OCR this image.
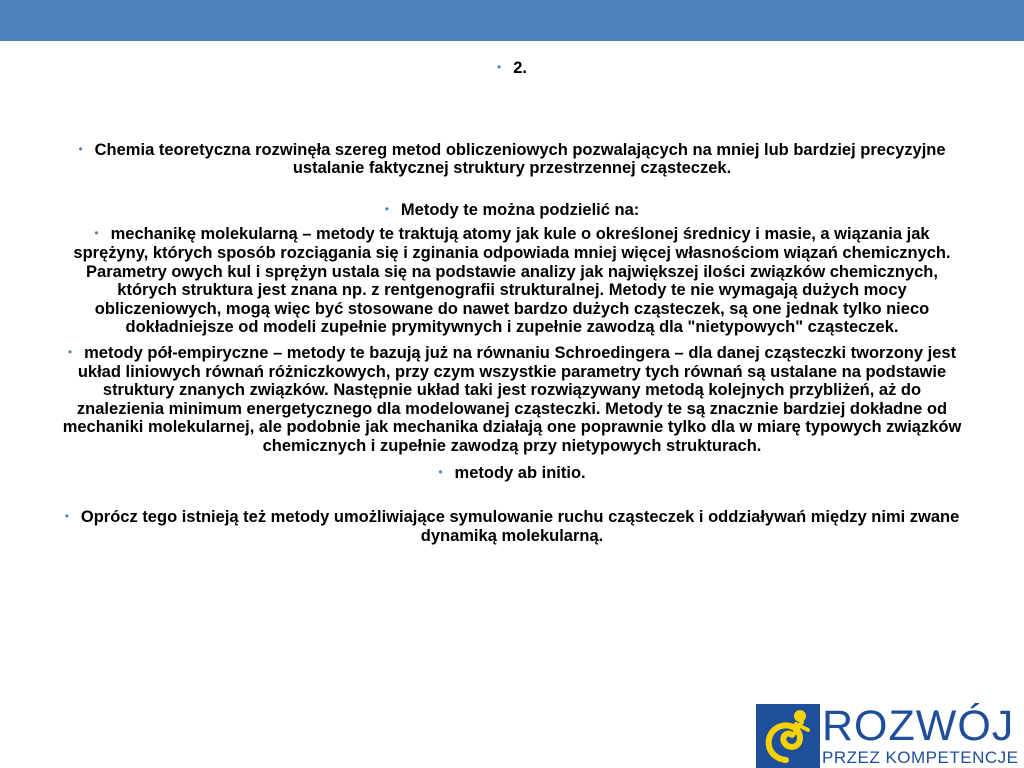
• 2.

• Chemia teoretyczna rozwinęła szereg metod obliczeniowych pozwalających na mniej lub bardziej precyzyjne ustalanie faktycznej struktury przestrzennej cząsteczek.

• Metody te można podzielić na:

• mechanikę molekularną – metody te traktują atomy jak kule o określonej średnicy i masie, a wiązania jak sprężyny, których sposób rozciągania się i zginania odpowiada mniej więcej własnościom wiązań chemicznych. Parametry owych kul i sprężyn ustala się na podstawie analizy jak największej ilości związków chemicznych, których struktura jest znana np. z rentgenografii strukturalnej. Metody te nie wymagają dużych mocy obliczeniowych, mogą więc być stosowane do nawet bardzo dużych cząsteczek, są one jednak tylko nieco dokładniejsze od modeli zupełnie prymitywnych i zupełnie zawodzą dla "nietypowych" cząsteczek.

• metody pół-empiryczne – metody te bazują już na równaniu Schroedingera – dla danej cząsteczki tworzony jest układ liniowych równań różniczkowych, przy czym wszystkie parametry tych równań są ustalane na podstawie struktury znanych związków. Następnie układ taki jest rozwiązywany metodą kolejnych przybliżeń, aż do znalezienia minimum energetycznego dla modelowanej cząsteczki. Metody te są znacznie bardziej dokładne od mechaniki molekularnej, ale podobnie jak mechanika działają one poprawnie tylko dla w miarę typowych związków chemicznych i zupełnie zawodzą przy nietypowych strukturach.

• metody ab initio.

• Oprócz tego istnieją też metody umożliwiające symulowanie ruchu cząsteczek i oddziaływań między nimi zwane dynamiką molekularną.

ROZWÓJ
PRZEZ KOMPETENCJE
